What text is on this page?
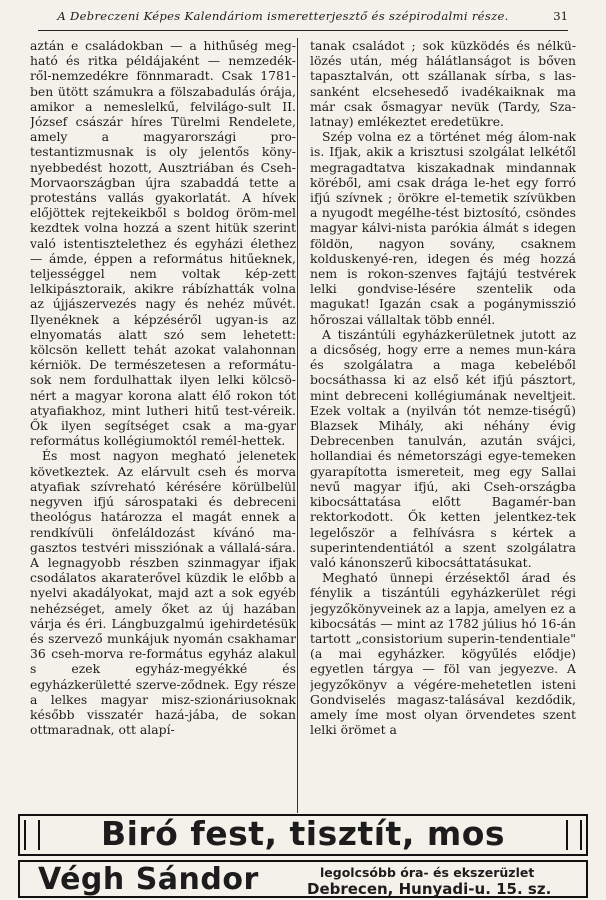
A Debreczeni Képes Kalendáriom ismeretterjesztő és szépirodalmi része.	31

aztán e családokban — a hithűség meg-ható és ritka példájaként — nemzedék-ről-nemzedékre fönnmaradt. Csak 1781-ben ütött számukra a fölszabadulás órája, amikor a nemeslelkű, felvilágo-sult II. József császár híres Türelmi Rendelete, amely a magyarországi pro-testantizmusnak is oly jelentős köny-nyebbedést hozott, Ausztriában és Cseh-Morvaországban újra szabaddá tette a protestáns vallás gyakorlatát. A hívek előjöttek rejtekeikből s boldog öröm-mel kezdtek volna hozzá a szent hitük szerint való istentisztelethez és egyházi élethez — ámde, éppen a református hitűeknek, teljességgel nem voltak kép-zett lelkipásztoraik, akikre rábízhatták volna az újjászervezés nagy és nehéz művét. Ilyenéknek a képzéséről ugyan-is az elnyomatás alatt szó sem lehetett: kölcsön kellett tehát azokat valahonnan kérniök. De természetesen a reformátu-sok nem fordulhattak ilyen lelki kölcsö-nért a magyar korona alatt élő rokon tót atyafiakhoz, mint lutheri hitű test-véreik. Ők ilyen segítséget csak a ma-gyar református kollégiumoktól remél-hettek.

És most nagyon megható jelenetek következtek. Az elárvult cseh és morva atyafiak szívreható kérésére körülbelül negyven ifjú sárospataki és debreceni theológus határozza el magát ennek a rendkívüli önfeláldozást kívánó ma-gasztos testvéri missziónak a vállalá-sára. A legnagyobb részben szinmagyar ifjak csodálatos akaraterővel küzdik le előbb a nyelvi akadályokat, majd azt a sok egyéb nehézséget, amely őket az új hazában várja és éri. Lángbuzgalmú igehirdetésük és szervező munkájuk nyomán csakhamar 36 cseh-morva re-formátus egyház alakul s ezek egyház-megyékké és egyházkerületté szerve-ződnek. Egy része a lelkes magyar misz-szionáriusoknak később visszatér hazá-jába, de sokan ottmaradnak, ott alapí-

tanak családot ; sok küzködés és nélkü-lözés után, még hálátlanságot is bőven tapasztalván, ott szállanak sírba, s las-sanként elcsehesedő ivadékaiknak ma már csak ősmagyar nevük (Tardy, Sza-latnay) emlékeztet eredetükre.

Szép volna ez a történet még álom-nak is. Ifjak, akik a krisztusi szolgálat lelkétől megragadtatva kiszakadnak mindannak köréből, ami csak drága le-het egy forró ifjú szívnek ; örökre el-temetik szívükben a nyugodt megélhe-tést biztosító, csöndes magyar kálvi-nista parókia álmát s idegen földön, nagyon sovány, csaknem kolduskenyé-ren, idegen és még hozzá nem is rokon-szenves fajtájú testvérek lelki gondvise-lésére szentelik oda magukat! Igazán csak a pogánymisszió hőroszai vállaltak több ennél.

A tiszántúli egyházkerületnek jutott az a dicsőség, hogy erre a nemes mun-kára és szolgálatra a maga kebeléből bocsáthassa ki az első két ifjú pásztort, mint debreceni kollégiumának neveltjeit. Ezek voltak a (nyilván tót nemze-tiségű) Blazsek Mihály, aki néhány évig Debrecenben tanulván, azután svájci, hollandiai és németországi egye-temeken gyarapította ismereteit, meg egy Sallai nevű magyar ifjú, aki Cseh-országba kibocsáttatása előtt Bagamér-ban rektorkodott. Ők ketten jelentkez-tek legelőször a felhívásra s kértek a superintendentiától a szent szolgálatra való kánonszerű kibocsáttatásukat.

Megható ünnepi érzésektől árad és fénylik a tiszántúli egyházkerület régi jegyzőkönyveinek az a lapja, amelyen ez a kibocsátás — mint az 1782 július hó 16-án tartott „consistorium superin-tendentiale" (a mai egyházker. kögyűlés elődje) egyetlen tárgya — föl van jegyezve. A jegyzőkönyv a végére-mehetetlen isteni Gondviselés magasz-talásával kezdődik, amely íme most olyan örvendetes szent lelki örömet a

Biró fest, tisztít, mos
Végh Sándor	legolcsóbb óra- és ekszerüzlet
Debrecen, Hunyadi-u. 15. sz.
